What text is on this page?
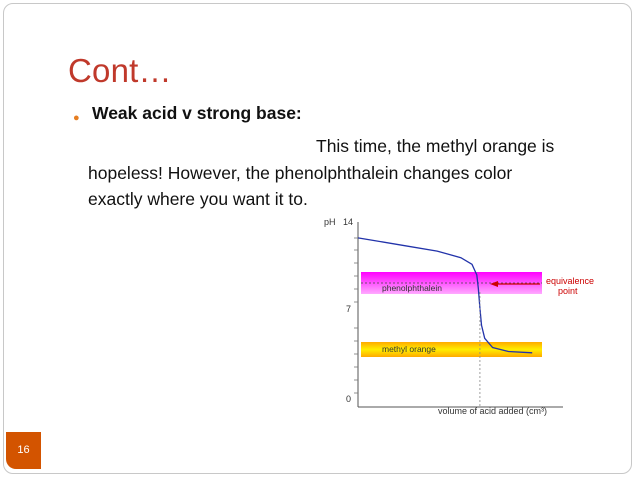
Cont…
● Weak acid v strong base:
This time, the methyl orange is
hopeless! However, the phenolphthalein changes color
exactly where you want it to.
phenolphthalein
methyl orange
pH 14
7
0
volume of acid added (cm³)
equivalence
point
16
